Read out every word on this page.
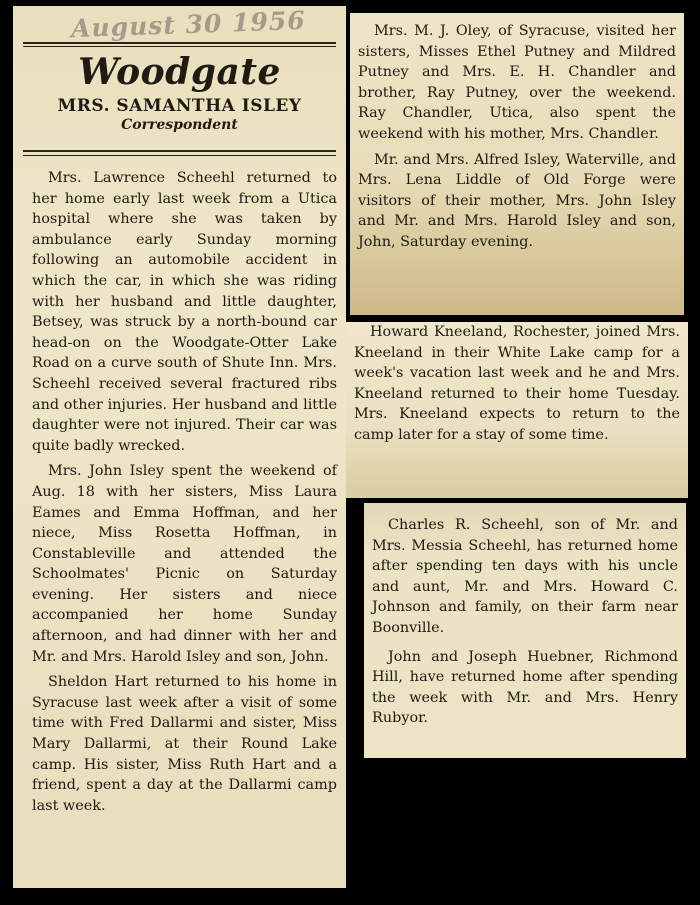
August 30 1956
Woodgate
MRS. SAMANTHA ISLEY
Correspondent

Mrs. Lawrence Scheehl returned to her home early last week from a Utica hospital where she was taken by ambulance early Sunday morning following an automobile accident in which the car, in which she was riding with her husband and little daughter, Betsey, was struck by a north-bound car head-on on the Woodgate-Otter Lake Road on a curve south of Shute Inn. Mrs. Scheehl received several fractured ribs and other injuries. Her husband and little daughter were not injured. Their car was quite badly wrecked.

Mrs. John Isley spent the weekend of Aug. 18 with her sisters, Miss Laura Eames and Emma Hoffman, and her niece, Miss Rosetta Hoffman, in Constableville and attended the Schoolmates' Picnic on Saturday evening. Her sisters and niece accompanied her home Sunday afternoon, and had dinner with her and Mr. and Mrs. Harold Isley and son, John.

Sheldon Hart returned to his home in Syracuse last week after a visit of some time with Fred Dallarmi and sister, Miss Mary Dallarmi, at their Round Lake camp. His sister, Miss Ruth Hart and a friend, spent a day at the Dallarmi camp last week.

Mrs. M. J. Oley, of Syracuse, visited her sisters, Misses Ethel Putney and Mildred Putney and Mrs. E. H. Chandler and brother, Ray Putney, over the weekend. Ray Chandler, Utica, also spent the weekend with his mother, Mrs. Chandler.

Mr. and Mrs. Alfred Isley, Waterville, and Mrs. Lena Liddle of Old Forge were visitors of their mother, Mrs. John Isley and Mr. and Mrs. Harold Isley and son, John, Saturday evening.

Howard Kneeland, Rochester, joined Mrs. Kneeland in their White Lake camp for a week's vacation last week and he and Mrs. Kneeland returned to their home Tuesday. Mrs. Kneeland expects to return to the camp later for a stay of some time.

Charles R. Scheehl, son of Mr. and Mrs. Messia Scheehl, has returned home after spending ten days with his uncle and aunt, Mr. and Mrs. Howard C. Johnson and family, on their farm near Boonville.

John and Joseph Huebner, Richmond Hill, have returned home after spending the week with Mr. and Mrs. Henry Rubyor.
